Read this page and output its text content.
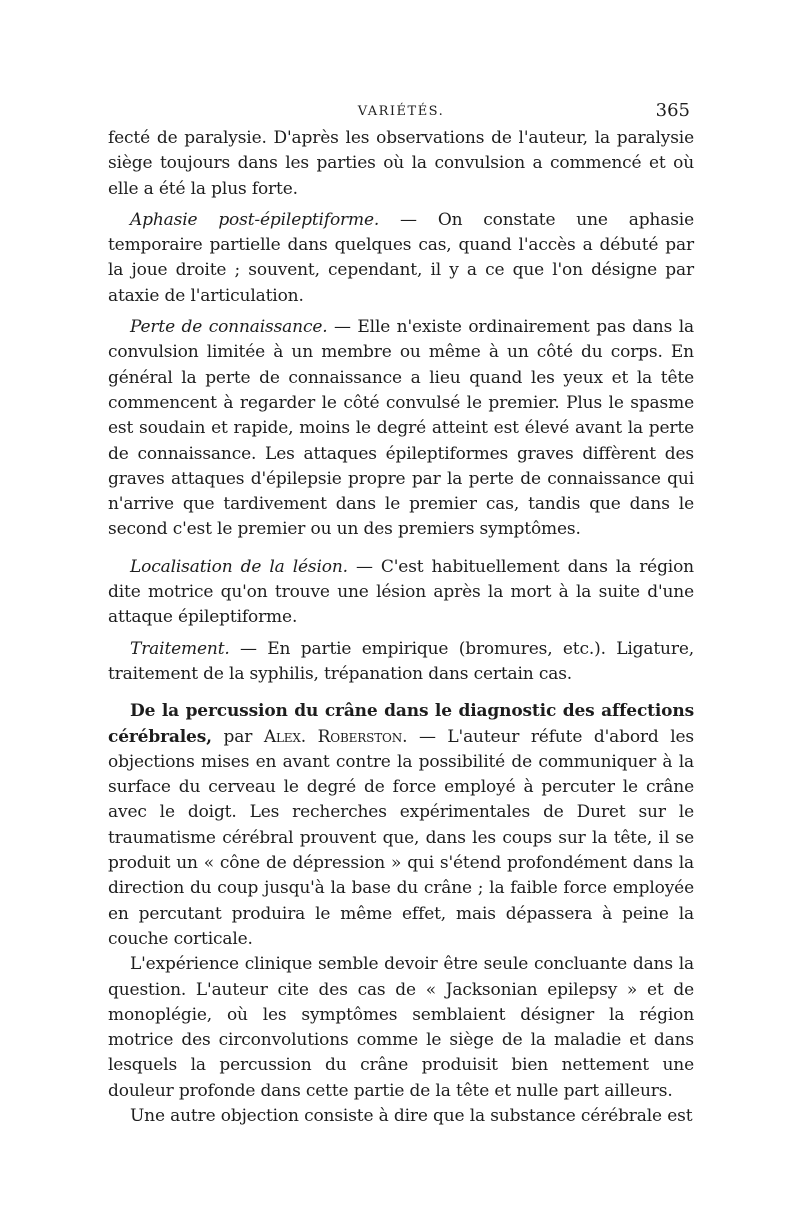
VARIÉTÉS.	365

fecté de paralysie. D'après les observations de l'auteur, la paralysie siège toujours dans les parties où la convulsion a commencé et où elle a été la plus forte.

Aphasie post-épileptiforme. — On constate une aphasie temporaire partielle dans quelques cas, quand l'accès a débuté par la joue droite ; souvent, cependant, il y a ce que l'on désigne par ataxie de l'articulation.

Perte de connaissance. — Elle n'existe ordinairement pas dans la convulsion limitée à un membre ou même à un côté du corps. En général la perte de connaissance a lieu quand les yeux et la tête commencent à regarder le côté convulsé le premier. Plus le spasme est soudain et rapide, moins le degré atteint est élevé avant la perte de connaissance. Les attaques épileptiformes graves diffèrent des graves attaques d'épilepsie propre par la perte de connaissance qui n'arrive que tardivement dans le premier cas, tandis que dans le second c'est le premier ou un des premiers symptômes.

Localisation de la lésion. — C'est habituellement dans la région dite motrice qu'on trouve une lésion après la mort à la suite d'une attaque épileptiforme.

Traitement. — En partie empirique (bromures, etc.). Ligature, traitement de la syphilis, trépanation dans certain cas.

De la percussion du crâne dans le diagnostic des affections cérébrales, par Alex. Roberston. — L'auteur réfute d'abord les objections mises en avant contre la possibilité de communiquer à la surface du cerveau le degré de force employé à percuter le crâne avec le doigt. Les recherches expérimentales de Duret sur le traumatisme cérébral prouvent que, dans les coups sur la tête, il se produit un « cône de dépression » qui s'étend profondément dans la direction du coup jusqu'à la base du crâne ; la faible force employée en percutant produira le même effet, mais dépassera à peine la couche corticale.

L'expérience clinique semble devoir être seule concluante dans la question. L'auteur cite des cas de « Jacksonian epilepsy » et de monoplégie, où les symptômes semblaient désigner la région motrice des circonvolutions comme le siège de la maladie et dans lesquels la percussion du crâne produisit bien nettement une douleur profonde dans cette partie de la tête et nulle part ailleurs.

Une autre objection consiste à dire que la substance cérébrale est
